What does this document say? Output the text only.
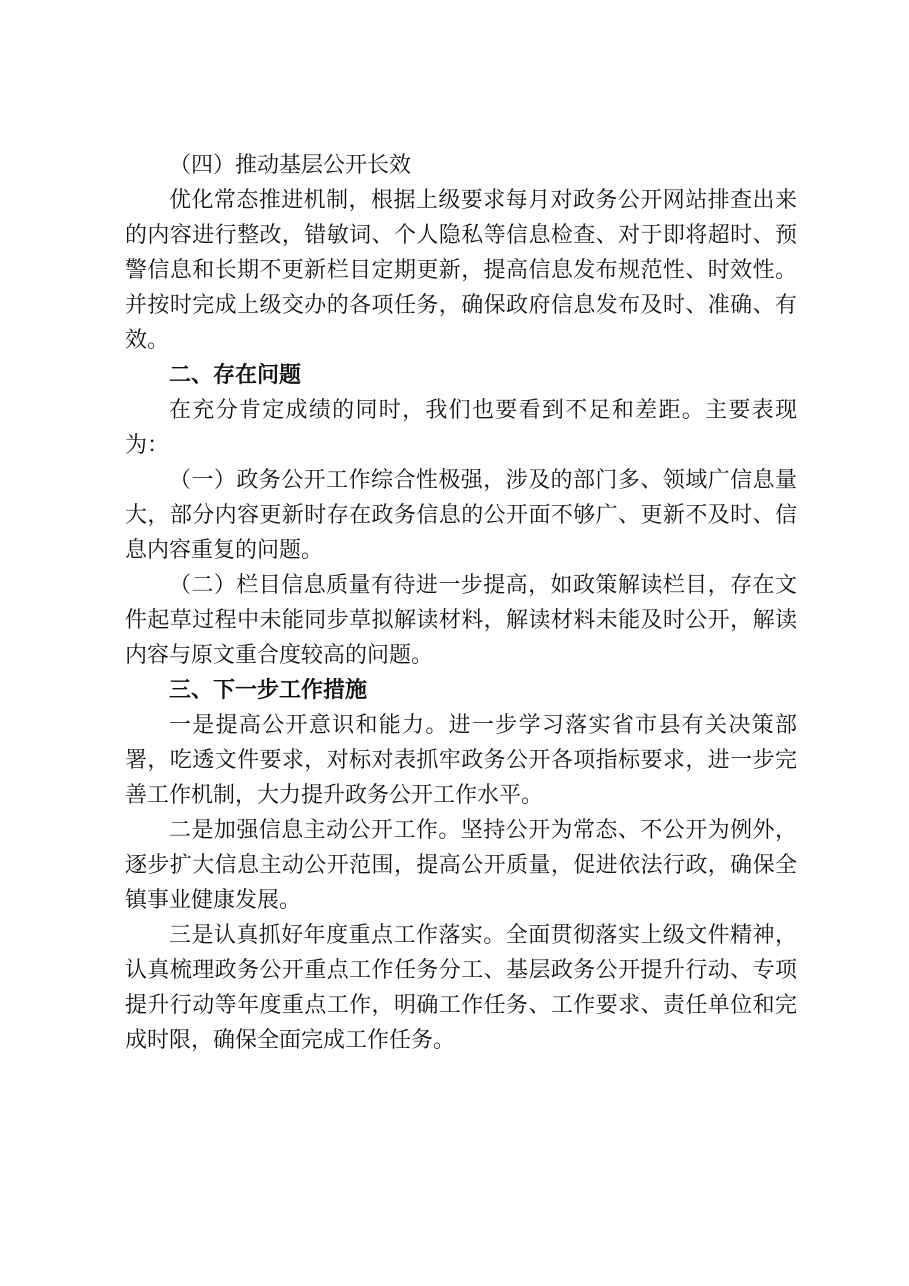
（四）推动基层公开长效

优化常态推进机制，根据上级要求每月对政务公开网站排查出来的内容进行整改，错敏词、个人隐私等信息检查、对于即将超时、预警信息和长期不更新栏目定期更新，提高信息发布规范性、时效性。并按时完成上级交办的各项任务，确保政府信息发布及时、准确、有效。

二、存在问题

在充分肯定成绩的同时，我们也要看到不足和差距。主要表现为：

（一）政务公开工作综合性极强，涉及的部门多、领域广信息量大，部分内容更新时存在政务信息的公开面不够广、更新不及时、信息内容重复的问题。

（二）栏目信息质量有待进一步提高，如政策解读栏目，存在文件起草过程中未能同步草拟解读材料，解读材料未能及时公开，解读内容与原文重合度较高的问题。

三、下一步工作措施

一是提高公开意识和能力。进一步学习落实省市县有关决策部署，吃透文件要求，对标对表抓牢政务公开各项指标要求，进一步完善工作机制，大力提升政务公开工作水平。

二是加强信息主动公开工作。坚持公开为常态、不公开为例外，逐步扩大信息主动公开范围，提高公开质量，促进依法行政，确保全镇事业健康发展。

三是认真抓好年度重点工作落实。全面贯彻落实上级文件精神，认真梳理政务公开重点工作任务分工、基层政务公开提升行动、专项提升行动等年度重点工作，明确工作任务、工作要求、责任单位和完成时限，确保全面完成工作任务。
